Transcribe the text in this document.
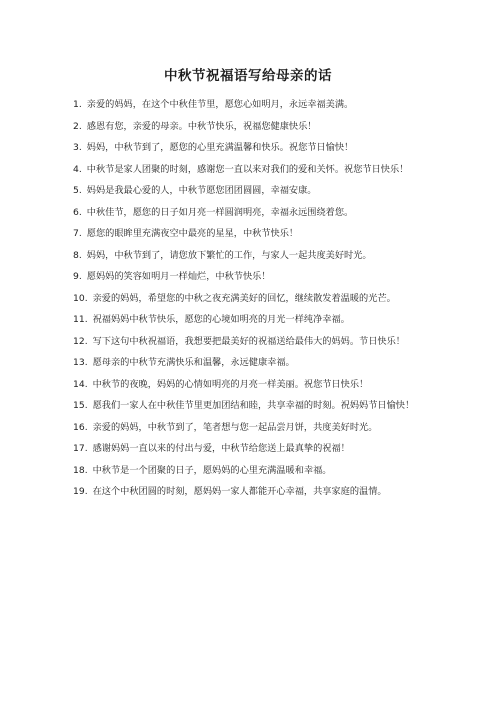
中秋节祝福语写给母亲的话
1. 亲爱的妈妈，在这个中秋佳节里，愿您心如明月，永远幸福美满。
2. 感恩有您，亲爱的母亲。中秋节快乐，祝福您健康快乐！
3. 妈妈，中秋节到了，愿您的心里充满温馨和快乐。祝您节日愉快！
4. 中秋节是家人团聚的时刻，感谢您一直以来对我们的爱和关怀。祝您节日快乐！
5. 妈妈是我最心爱的人，中秋节愿您团团圆圆，幸福安康。
6. 中秋佳节，愿您的日子如月亮一样圆润明亮，幸福永远围绕着您。
7. 愿您的眼眸里充满夜空中最亮的星星，中秋节快乐！
8. 妈妈，中秋节到了，请您放下繁忙的工作，与家人一起共度美好时光。
9. 愿妈妈的笑容如明月一样灿烂，中秋节快乐！
10. 亲爱的妈妈，希望您的中秋之夜充满美好的回忆，继续散发着温暖的光芒。
11. 祝福妈妈中秋节快乐，愿您的心境如明亮的月光一样纯净幸福。
12. 写下这句中秋祝福语，我想要把最美好的祝福送给最伟大的妈妈。节日快乐！
13. 愿母亲的中秋节充满快乐和温馨，永远健康幸福。
14. 中秋节的夜晚，妈妈的心情如明亮的月亮一样美丽。祝您节日快乐！
15. 愿我们一家人在中秋佳节里更加团结和睦，共享幸福的时刻。祝妈妈节日愉快！
16. 亲爱的妈妈，中秋节到了，笔者想与您一起品尝月饼，共度美好时光。
17. 感谢妈妈一直以来的付出与爱，中秋节给您送上最真挚的祝福！
18. 中秋节是一个团聚的日子，愿妈妈的心里充满温暖和幸福。
19. 在这个中秋团圆的时刻，愿妈妈一家人都能开心幸福，共享家庭的温情。
